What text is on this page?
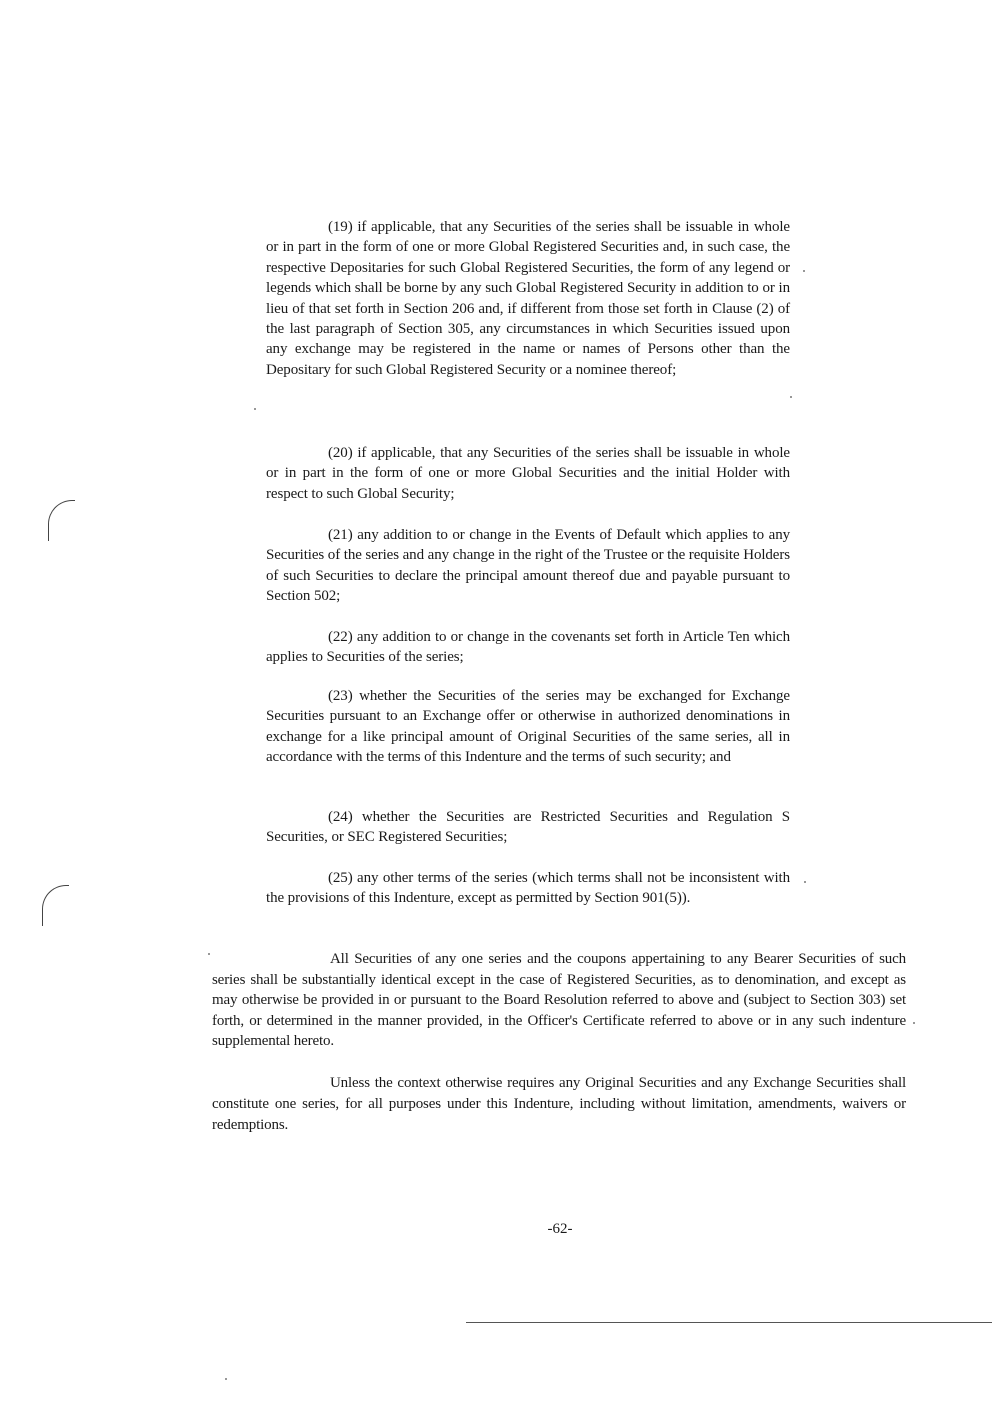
(19) if applicable, that any Securities of the series shall be issuable in whole or in part in the form of one or more Global Registered Securities and, in such case, the respective Depositaries for such Global Registered Securities, the form of any legend or legends which shall be borne by any such Global Registered Security in addition to or in lieu of that set forth in Section 206 and, if different from those set forth in Clause (2) of the last paragraph of Section 305, any circumstances in which Securities issued upon any exchange may be registered in the name or names of Persons other than the Depositary for such Global Registered Security or a nominee thereof;
(20) if applicable, that any Securities of the series shall be issuable in whole or in part in the form of one or more Global Securities and the initial Holder with respect to such Global Security;
(21) any addition to or change in the Events of Default which applies to any Securities of the series and any change in the right of the Trustee or the requisite Holders of such Securities to declare the principal amount thereof due and payable pursuant to Section 502;
(22) any addition to or change in the covenants set forth in Article Ten which applies to Securities of the series;
(23) whether the Securities of the series may be exchanged for Exchange Securities pursuant to an Exchange offer or otherwise in authorized denominations in exchange for a like principal amount of Original Securities of the same series, all in accordance with the terms of this Indenture and the terms of such security; and
(24) whether the Securities are Restricted Securities and Regulation S Securities, or SEC Registered Securities;
(25) any other terms of the series (which terms shall not be inconsistent with the provisions of this Indenture, except as permitted by Section 901(5)).
All Securities of any one series and the coupons appertaining to any Bearer Securities of such series shall be substantially identical except in the case of Registered Securities, as to denomination, and except as may otherwise be provided in or pursuant to the Board Resolution referred to above and (subject to Section 303) set forth, or determined in the manner provided, in the Officer's Certificate referred to above or in any such indenture supplemental hereto.
Unless the context otherwise requires any Original Securities and any Exchange Securities shall constitute one series, for all purposes under this Indenture, including without limitation, amendments, waivers or redemptions.
-62-
